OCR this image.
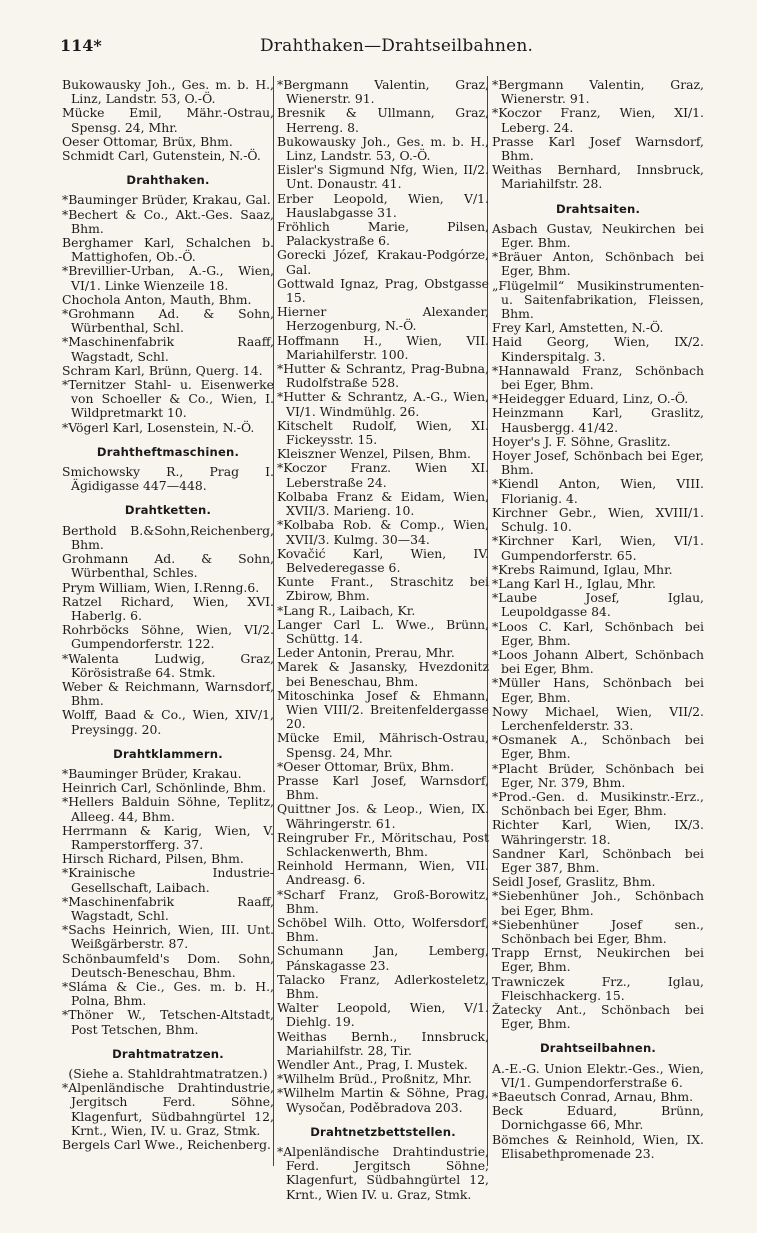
114*	Drahthaken—Drahtseilbahnen.

Bukowausky Joh., Ges. m. b. H., Linz, Landstr. 53, O.-Ö.

Mücke Emil, Mähr.-Ostrau, Spensg. 24, Mhr.

Oeser Ottomar, Brüx, Bhm.

Schmidt Carl, Gutenstein, N.-Ö.

Drahthaken.

*Bauminger Brüder, Krakau, Gal.

*Bechert & Co., Akt.-Ges. Saaz, Bhm.

Berghamer Karl, Schalchen b. Mattighofen, Ob.-Ö.

*Brevillier-Urban, A.-G., Wien, VI/1. Linke Wienzeile 18.

Chochola Anton, Mauth, Bhm.

*Grohmann Ad. & Sohn, Würbenthal, Schl.

*Maschinenfabrik Raaff, Wagstadt, Schl.

Schram Karl, Brünn, Querg. 14.

*Ternitzer Stahl- u. Eisenwerke von Schoeller & Co., Wien, I. Wildpretmarkt 10.

*Vögerl Karl, Losenstein, N.-Ö.

Drahtheftmaschinen.

Smichowsky R., Prag I. Ägidigasse 447—448.

Drahtketten.

Berthold B.&Sohn,Reichenberg, Bhm.

Grohmann Ad. & Sohn, Würbenthal, Schles.

Prym William, Wien, I.Renng.6.

Ratzel Richard, Wien, XVI. Haberlg. 6.

Rohrböcks Söhne, Wien, VI/2. Gumpendorferstr. 122.

*Walenta Ludwig, Graz, Körösistraße 64. Stmk.

Weber & Reichmann, Warnsdorf, Bhm.

Wolff, Baad & Co., Wien, XIV/1, Preysingg. 20.

Drahtklammern.

*Bauminger Brüder, Krakau.

Heinrich Carl, Schönlinde, Bhm.

*Hellers Balduin Söhne, Teplitz, Alleeg. 44, Bhm.

Herrmann & Karig, Wien, V. Ramperstorfferg. 37.

Hirsch Richard, Pilsen, Bhm.

*Krainische Industrie-Gesellschaft, Laibach.

*Maschinenfabrik Raaff, Wagstadt, Schl.

*Sachs Heinrich, Wien, III. Unt. Weißgärberstr. 87.

Schönbaumfeld's Dom. Sohn, Deutsch-Beneschau, Bhm.

*Sláma & Cie., Ges. m. b. H., Polna, Bhm.

*Thöner W., Tetschen-Altstadt, Post Tetschen, Bhm.

Drahtmatratzen.

(Siehe a. Stahldrahtmatratzen.)

*Alpenländische Drahtindustrie, Jergitsch Ferd. Söhne, Klagenfurt, Südbahngürtel 12, Krnt., Wien, IV. u. Graz, Stmk.

Bergels Carl Wwe., Reichenberg.

*Bergmann Valentin, Graz, Wienerstr. 91.

Bresnik & Ullmann, Graz, Herreng. 8.

Bukowausky Joh., Ges. m. b. H., Linz, Landstr. 53, O.-Ö.

Eisler's Sigmund Nfg, Wien, II/2. Unt. Donaustr. 41.

Erber Leopold, Wien, V/1. Hauslabgasse 31.

Fröhlich Marie, Pilsen, Palackystraße 6.

Gorecki Józef, Krakau-Podgórze, Gal.

Gottwald Ignaz, Prag, Obstgasse 15.

Hierner Alexander, Herzogenburg, N.-Ö.

Hoffmann H., Wien, VII. Mariahilferstr. 100.

*Hutter & Schrantz, Prag-Bubna, Rudolfstraße 528.

*Hutter & Schrantz, A.-G., Wien, VI/1. Windmühlg. 26.

Kitschelt Rudolf, Wien, XI. Fickeysstr. 15.

Kleiszner Wenzel, Pilsen, Bhm.

*Koczor Franz. Wien XI. Leberstraße 24.

Kolbaba Franz & Eidam, Wien, XVII/3. Marieng. 10.

*Kolbaba Rob. & Comp., Wien, XVII/3. Kulmg. 30—34.

Kovačić Karl, Wien, IV. Belvederegasse 6.

Kunte Frant., Straschitz bei Zbirow, Bhm.

*Lang R., Laibach, Kr.

Langer Carl L. Wwe., Brünn, Schüttg. 14.

Leder Antonin, Prerau, Mhr.

Marek & Jasansky, Hvezdonitz bei Beneschau, Bhm.

Mitoschinka Josef & Ehmann, Wien VIII/2. Breitenfeldergasse 20.

Mücke Emil, Mährisch-Ostrau, Spensg. 24, Mhr.

*Oeser Ottomar, Brüx, Bhm.

Prasse Karl Josef, Warnsdorf, Bhm.

Quittner Jos. & Leop., Wien, IX. Währingerstr. 61.

Reingruber Fr., Möritschau, Post Schlackenwerth, Bhm.

Reinhold Hermann, Wien, VII. Andreasg. 6.

*Scharf Franz, Groß-Borowitz, Bhm.

Schöbel Wilh. Otto, Wolfersdorf, Bhm.

Schumann Jan, Lemberg, Pánskagasse 23.

Talacko Franz, Adlerkosteletz, Bhm.

Walter Leopold, Wien, V/1. Diehlg. 19.

Weithas Bernh., Innsbruck, Mariahilfstr. 28, Tir.

Wendler Ant., Prag, I. Mustek.

*Wilhelm Brüd., Proßnitz, Mhr.

*Wilhelm Martin & Söhne, Prag, Wysočan, Poděbradova 203.

Drahtnetzbettstellen.

*Alpenländische Drahtindustrie, Ferd. Jergitsch Söhne, Klagenfurt, Südbahngürtel 12, Krnt., Wien IV. u. Graz, Stmk.

*Bergmann Valentin, Graz, Wienerstr. 91.

*Koczor Franz, Wien, XI/1. Leberg. 24.

Prasse Karl Josef Warnsdorf, Bhm.

Weithas Bernhard, Innsbruck, Mariahilfstr. 28.

Drahtsaiten.

Asbach Gustav, Neukirchen bei Eger. Bhm.

*Bräuer Anton, Schönbach bei Eger, Bhm.

„Flügelmil“ Musikinstrumenten- u. Saitenfabrikation, Fleissen, Bhm.

Frey Karl, Amstetten, N.-Ö.

Haid Georg, Wien, IX/2. Kinderspitalg. 3.

*Hannawald Franz, Schönbach bei Eger, Bhm.

*Heidegger Eduard, Linz, O.-Ö.

Heinzmann Karl, Graslitz, Hausbergg. 41/42.

Hoyer's J. F. Söhne, Graslitz.

Hoyer Josef, Schönbach bei Eger, Bhm.

*Kiendl Anton, Wien, VIII. Florianig. 4.

Kirchner Gebr., Wien, XVIII/1. Schulg. 10.

*Kirchner Karl, Wien, VI/1. Gumpendorferstr. 65.

*Krebs Raimund, Iglau, Mhr.

*Lang Karl H., Iglau, Mhr.

*Laube Josef, Iglau, Leupoldgasse 84.

*Loos C. Karl, Schönbach bei Eger, Bhm.

*Loos Johann Albert, Schönbach bei Eger, Bhm.

*Müller Hans, Schönbach bei Eger, Bhm.

Nowy Michael, Wien, VII/2. Lerchenfelderstr. 33.

*Osmanek A., Schönbach bei Eger, Bhm.

*Placht Brüder, Schönbach bei Eger, Nr. 379, Bhm.

*Prod.-Gen. d. Musikinstr.-Erz., Schönbach bei Eger, Bhm.

Richter Karl, Wien, IX/3. Währingerstr. 18.

Sandner Karl, Schönbach bei Eger 387, Bhm.

Seidl Josef, Graslitz, Bhm.

*Siebenhüner Joh., Schönbach bei Eger, Bhm.

*Siebenhüner Josef sen., Schönbach bei Eger, Bhm.

Trapp Ernst, Neukirchen bei Eger, Bhm.

Trawniczek Frz., Iglau, Fleischhackerg. 15.

Žatecky Ant., Schönbach bei Eger, Bhm.

Drahtseilbahnen.

A.-E.-G. Union Elektr.-Ges., Wien, VI/1. Gumpendorferstraße 6.

*Baeutsch Conrad, Arnau, Bhm.

Beck Eduard, Brünn, Dornichgasse 66, Mhr.

Bömches & Reinhold, Wien, IX. Elisabethpromenade 23.
